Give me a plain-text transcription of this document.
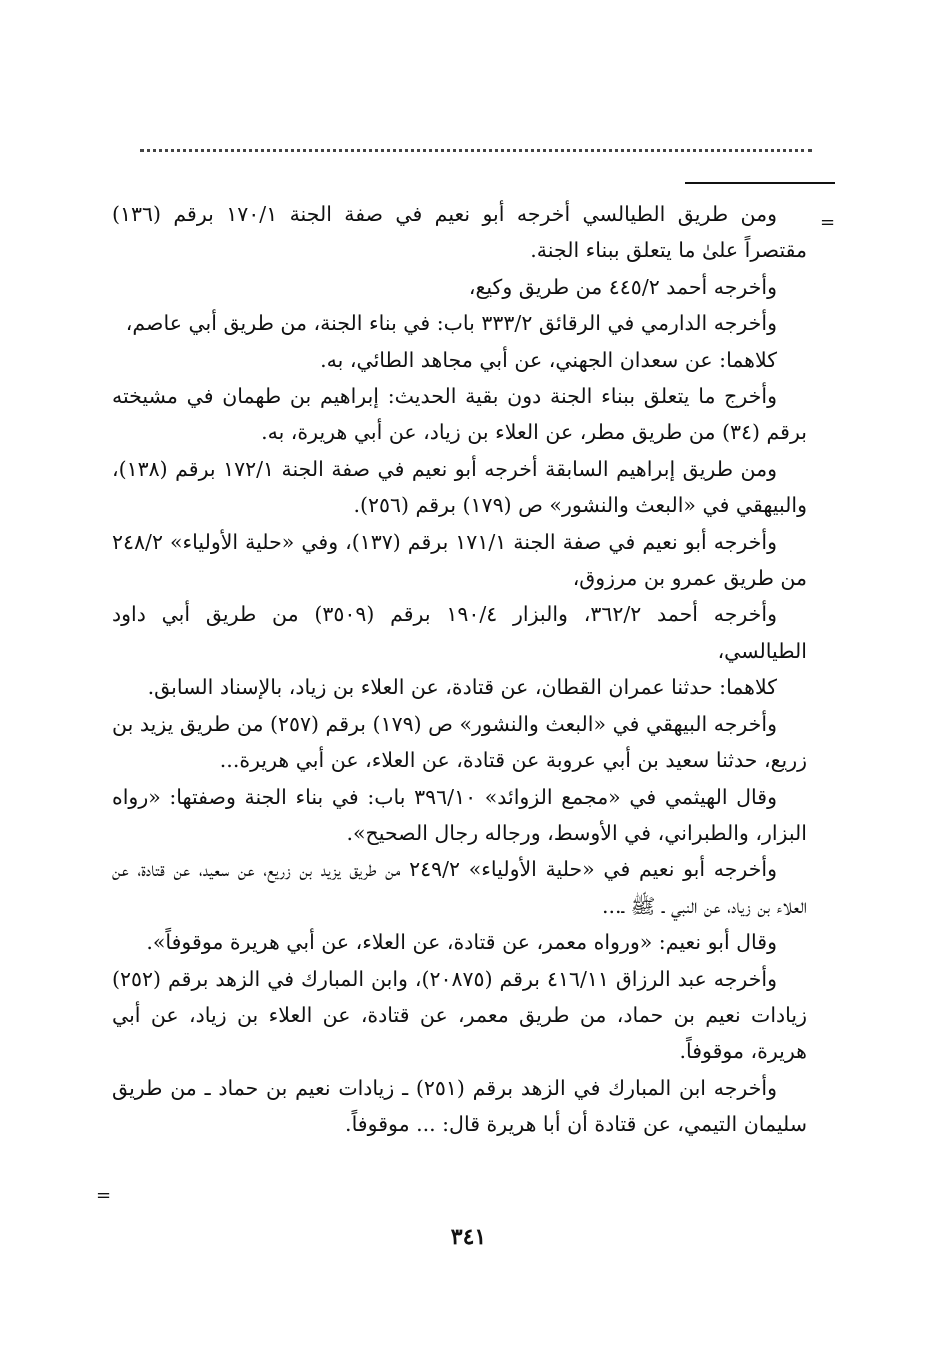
=

ومن طريق الطيالسي أخرجه أبو نعيم في صفة الجنة ١٧٠/١ برقم (١٣٦) مقتصراً علىٰ ما يتعلق ببناء الجنة.

وأخرجه أحمد ٤٤٥/٢ من طريق وكيع،

وأخرجه الدارمي في الرقائق ٣٣٣/٢ باب: في بناء الجنة، من طريق أبي عاصم،

كلاهما: عن سعدان الجهني، عن أبي مجاهد الطائي، به.

وأخرج ما يتعلق ببناء الجنة دون بقية الحديث: إبراهيم بن طهمان في مشيخته برقم (٣٤) من طريق مطر، عن العلاء بن زياد، عن أبي هريرة، به.

ومن طريق إبراهيم السابقة أخرجه أبو نعيم في صفة الجنة ١٧٢/١ برقم (١٣٨)، والبيهقي في «البعث والنشور» ص (١٧٩) برقم (٢٥٦).

وأخرجه أبو نعيم في صفة الجنة ١٧١/١ برقم (١٣٧)، وفي «حلية الأولياء» ٢٤٨/٢ من طريق عمرو بن مرزوق،

وأخرجه أحمد ٣٦٢/٢، والبزار ١٩٠/٤ برقم (٣٥٠٩) من طريق أبي داود الطيالسي،

كلاهما: حدثنا عمران القطان، عن قتادة، عن العلاء بن زياد، بالإسناد السابق.

وأخرجه البيهقي في «البعث والنشور» ص (١٧٩) برقم (٢٥٧) من طريق يزيد بن زريع، حدثنا سعيد بن أبي عروبة عن قتادة، عن العلاء، عن أبي هريرة...

وقال الهيثمي في «مجمع الزوائد» ٣٩٦/١٠ باب: في بناء الجنة وصفتها: «رواه البزار، والطبراني، في الأوسط، ورجاله رجال الصحيح».

وأخرجه أبو نعيم في «حلية الأولياء» ٢٤٩/٢ من طريق يزيد بن زريع، عن سعيد، عن قتادة، عن العلاء بن زياد، عن النبي ـ ﷺ ـ...

وقال أبو نعيم: «ورواه معمر، عن قتادة، عن العلاء، عن أبي هريرة موقوفاً».

وأخرجه عبد الرزاق ٤١٦/١١ برقم (٢٠٨٧٥)، وابن المبارك في الزهد برقم (٢٥٢) زيادات نعيم بن حماد، من طريق معمر، عن قتادة، عن العلاء بن زياد، عن أبي هريرة، موقوفاً.

وأخرجه ابن المبارك في الزهد برقم (٢٥١) ـ زيادات نعيم بن حماد ـ من طريق سليمان التيمي، عن قتادة أن أبا هريرة قال: ... موقوفاً.

=
٣٤١
